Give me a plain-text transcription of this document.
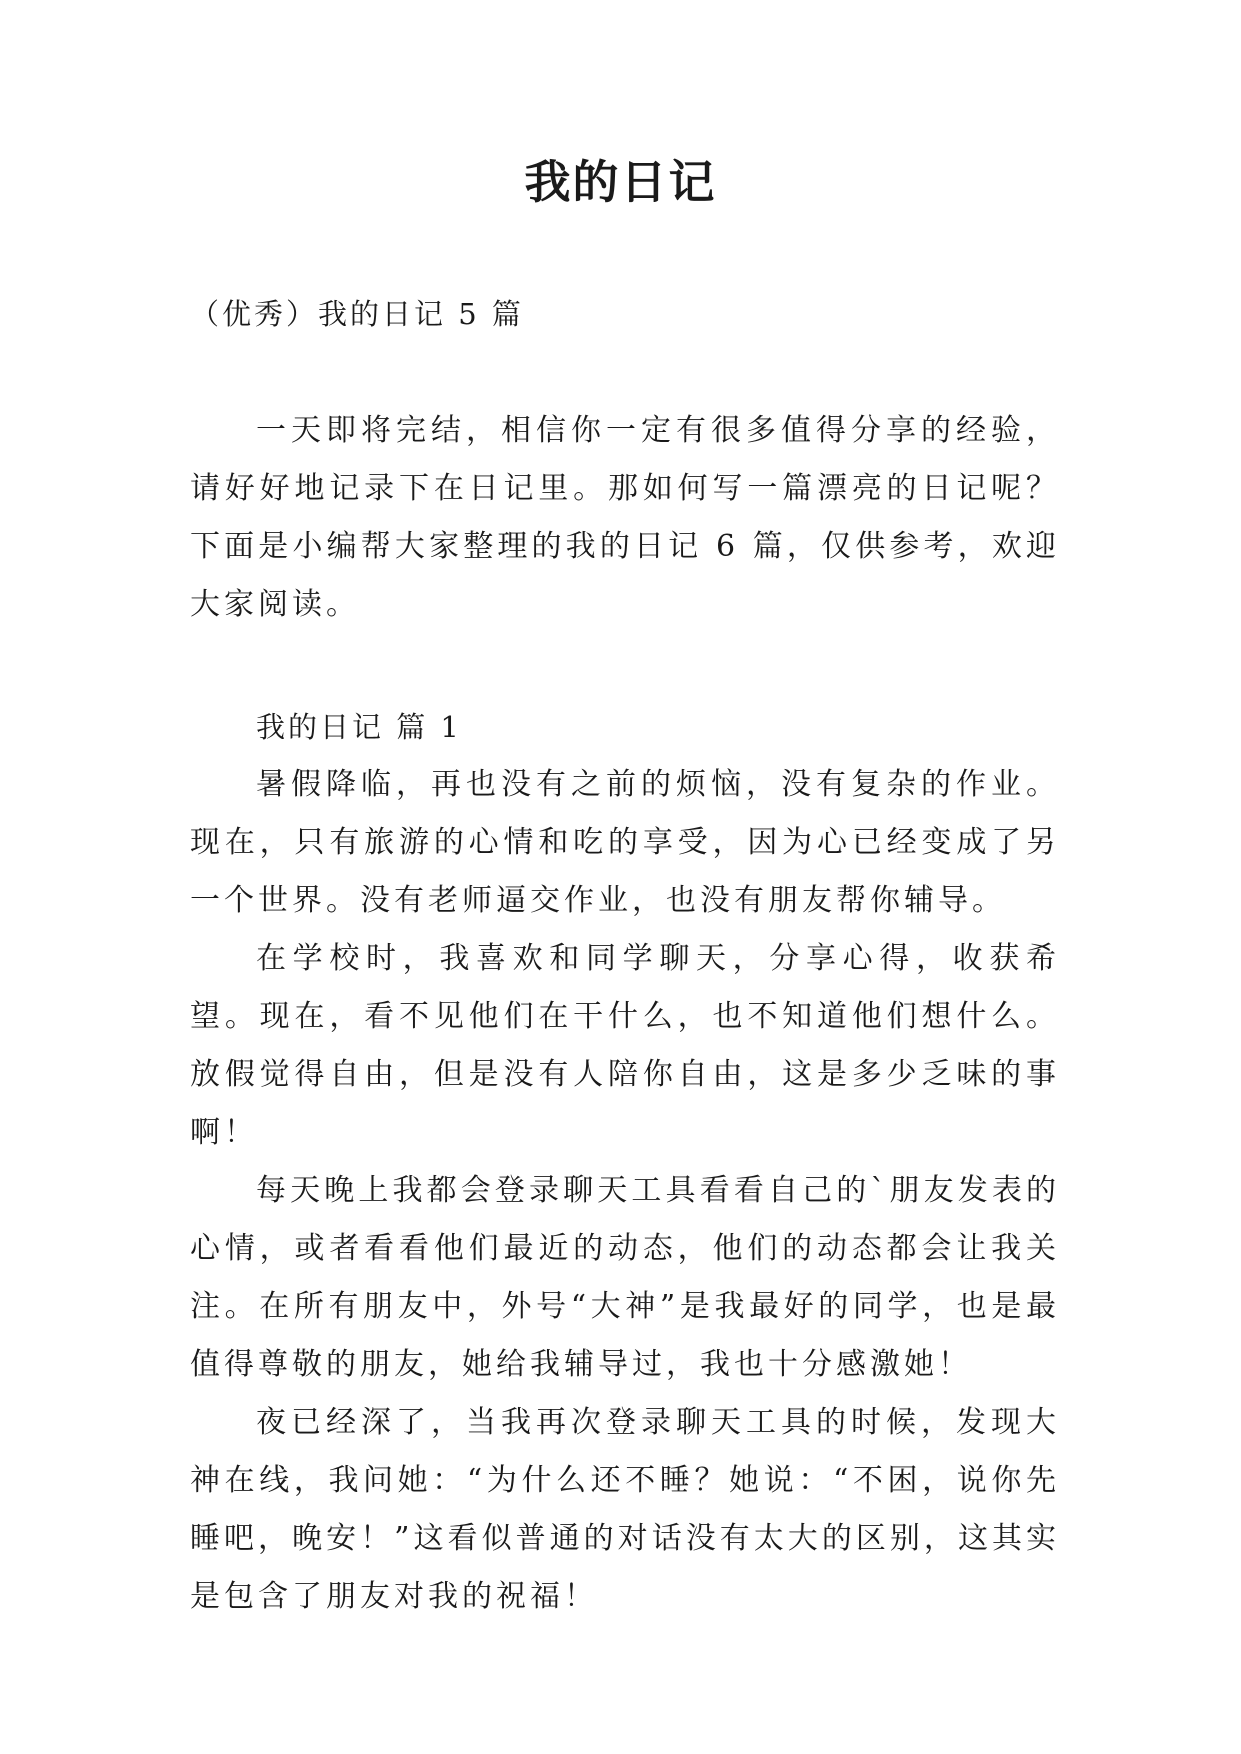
我的日记

（优秀）我的日记 5 篇

一天即将完结，相信你一定有很多值得分享的经验，请好好地记录下在日记里。那如何写一篇漂亮的日记呢？下面是小编帮大家整理的我的日记 6 篇，仅供参考，欢迎大家阅读。

我的日记 篇 1

暑假降临，再也没有之前的烦恼，没有复杂的作业。现在，只有旅游的心情和吃的享受，因为心已经变成了另一个世界。没有老师逼交作业，也没有朋友帮你辅导。

在学校时，我喜欢和同学聊天，分享心得，收获希望。现在，看不见他们在干什么，也不知道他们想什么。放假觉得自由，但是没有人陪你自由，这是多少乏味的事啊！

每天晚上我都会登录聊天工具看看自己的`朋友发表的心情，或者看看他们最近的动态，他们的动态都会让我关注。在所有朋友中，外号“大神”是我最好的同学，也是最值得尊敬的朋友，她给我辅导过，我也十分感激她！

夜已经深了，当我再次登录聊天工具的时候，发现大神在线，我问她：“为什么还不睡？她说：“不困，说你先睡吧，晚安！”这看似普通的对话没有太大的区别，这其实是包含了朋友对我的祝福！
